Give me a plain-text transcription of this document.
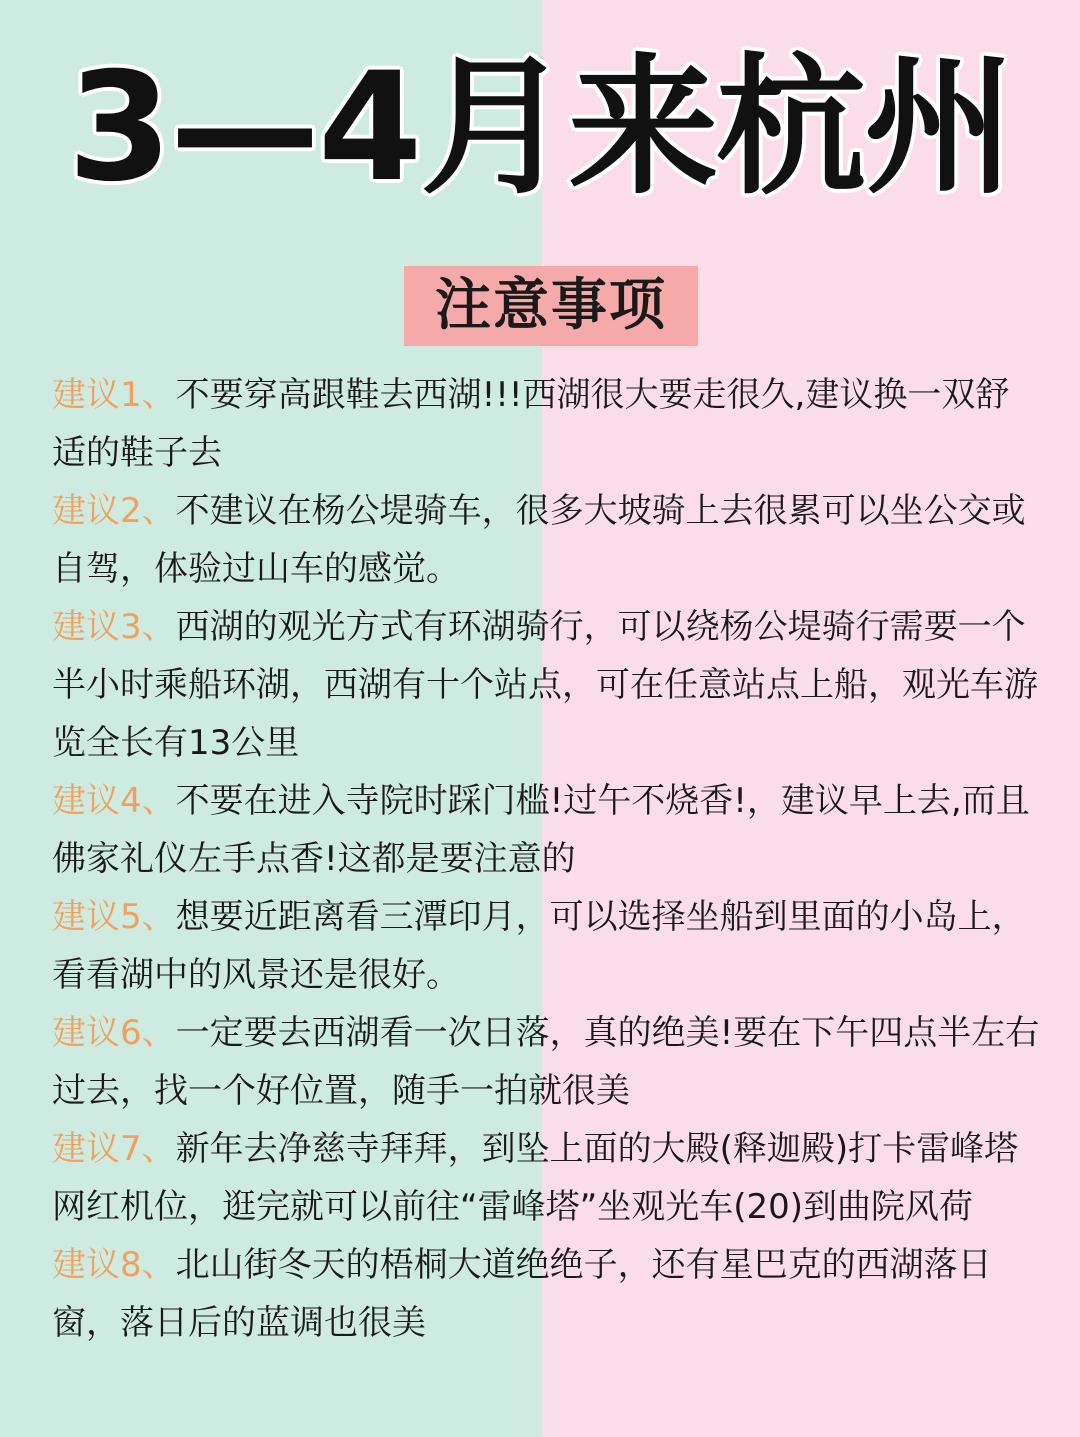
3—4月来杭州
注意事项
建议1、不要穿高跟鞋去西湖!!!西湖很大要走很久,建议换一双舒适的鞋子去
建议2、不建议在杨公堤骑车，很多大坡骑上去很累可以坐公交或自驾，体验过山车的感觉。
建议3、西湖的观光方式有环湖骑行，可以绕杨公堤骑行需要一个半小时乘船环湖，西湖有十个站点，可在任意站点上船，观光车游览全长有13公里
建议4、不要在进入寺院时踩门槛!过午不烧香!，建议早上去,而且佛家礼仪左手点香!这都是要注意的
建议5、想要近距离看三潭印月，可以选择坐船到里面的小岛上，看看湖中的风景还是很好。
建议6、一定要去西湖看一次日落，真的绝美!要在下午四点半左右过去，找一个好位置，随手一拍就很美
建议7、新年去净慈寺拜拜，到坠上面的大殿(释迦殿)打卡雷峰塔网红机位，逛完就可以前往“雷峰塔”坐观光车(20)到曲院风荷
建议8、北山街冬天的梧桐大道绝绝子，还有星巴克的西湖落日窗，落日后的蓝调也很美
